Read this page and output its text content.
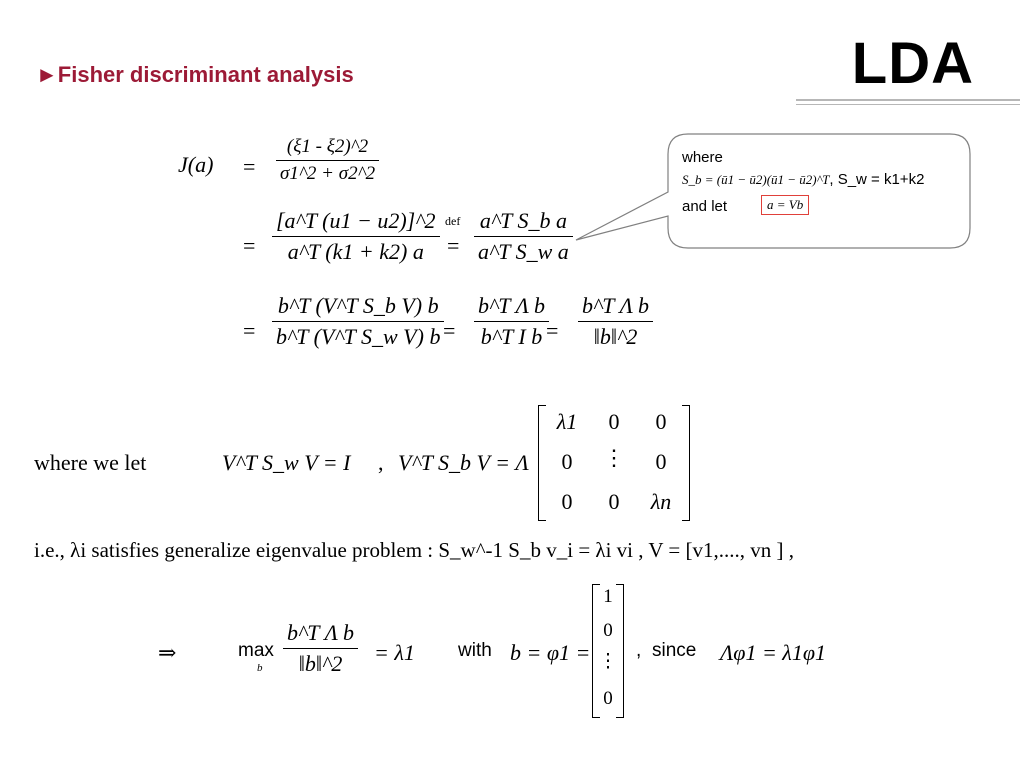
►Fisher discriminant analysis	LDA
where
S_b = (ū1 − ū2)(ū1 − ū2)^T, S_w = k1+k2
and let	a = Vb
J(a) =
(ξ1 - ξ2)^2
σ1^2 + σ2^2
=
[a^T (u1 − u2)]^2
a^T (k1 + k2) a
def
=
a^T S_b a
a^T S_w a
=
b^T (V^T S_b V) b
b^T (V^T S_w V) b =
b^T Λ b
b^T I b =
b^T Λ b
‖b‖^2
where we let	V^T S_w V = I , V^T S_b V = Λ
λ1	0	0
0	⋮	0
0	0	λn
i.e., λi satisfies generalize eigenvalue problem : S_w^-1 S_b v_i = λi vi , V = [v1,...., vn ] ,
⇒	max
b
b^T Λ b
‖b‖^2 = λ1 with b = φ1 =
1
0
⋮
0
, since Λφ1 = λ1φ1
